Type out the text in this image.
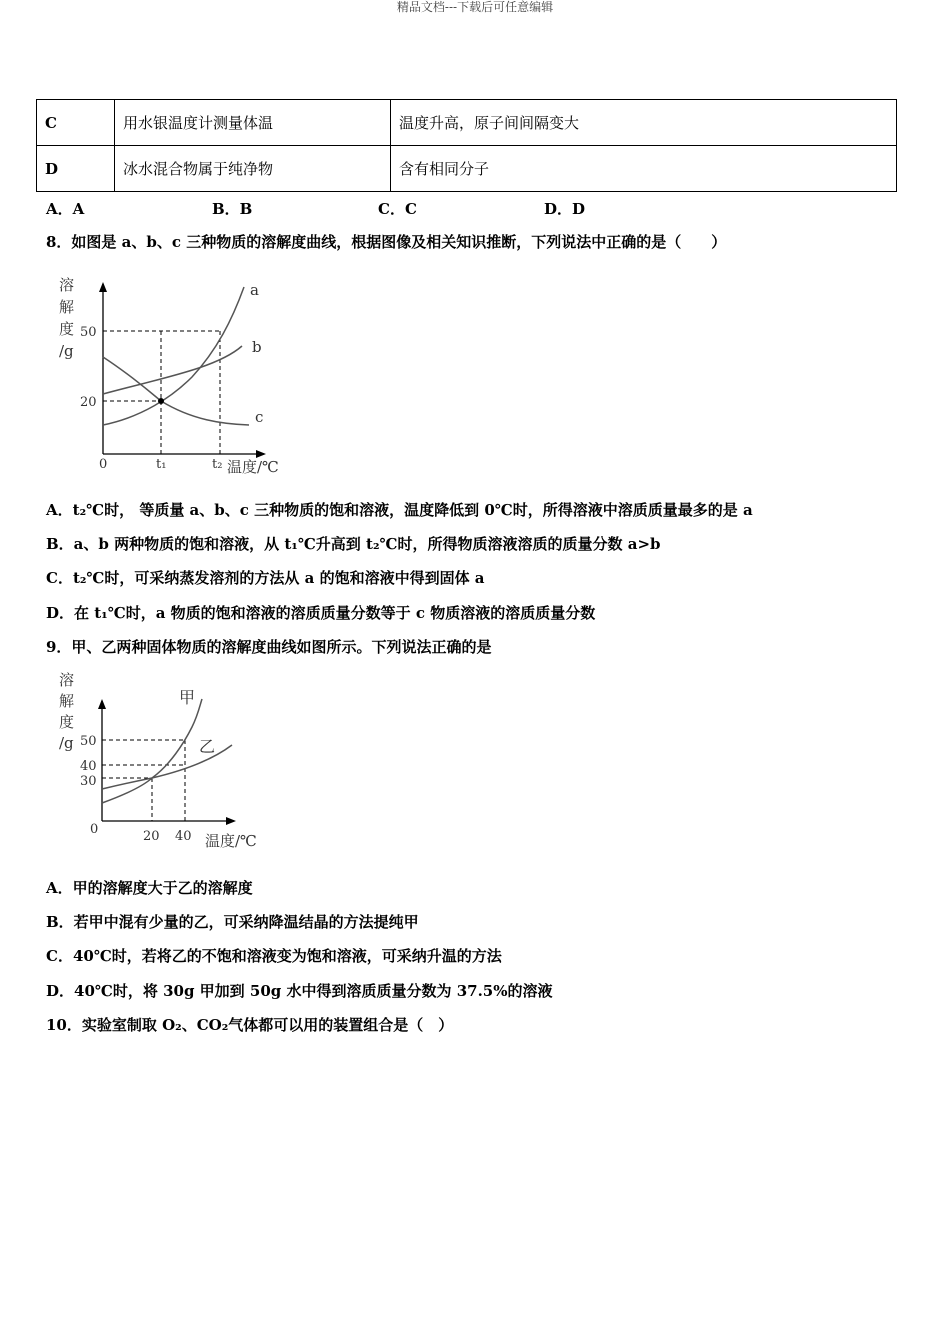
精品文档---下载后可任意编辑
C	用水银温度计测量体温	温度升高，原子间间隔变大
D	冰水混合物属于纯净物	含有相同分子
A．A	B．B	C．C	D．D
8．如图是 a、b、c 三种物质的溶解度曲线，根据图像及相关知识推断，下列说法中正确的是（　　）
溶
解
度
/g
50
20
0	t₁	t₂ 温度/℃
a
b
c
A．t₂℃时， 等质量 a、b、c 三种物质的饱和溶液，温度降低到 0℃时，所得溶液中溶质质量最多的是 a
B．a、b 两种物质的饱和溶液，从 t₁℃升高到 t₂℃时，所得物质溶液溶质的质量分数 a>b
C．t₂℃时，可采纳蒸发溶剂的方法从 a 的饱和溶液中得到固体 a
D．在 t₁℃时，a 物质的饱和溶液的溶质质量分数等于 c 物质溶液的溶质质量分数
9．甲、乙两种固体物质的溶解度曲线如图所示。下列说法正确的是
溶
解
度
/g 50
40
30
0	20 40 温度/℃
甲
乙
A．甲的溶解度大于乙的溶解度
B．若甲中混有少量的乙，可采纳降温结晶的方法提纯甲
C．40℃时，若将乙的不饱和溶液变为饱和溶液，可采纳升温的方法
D．40℃时，将 30g 甲加到 50g 水中得到溶质质量分数为 37.5%的溶液
10．实验室制取 O₂、CO₂气体都可以用的装置组合是（　）
